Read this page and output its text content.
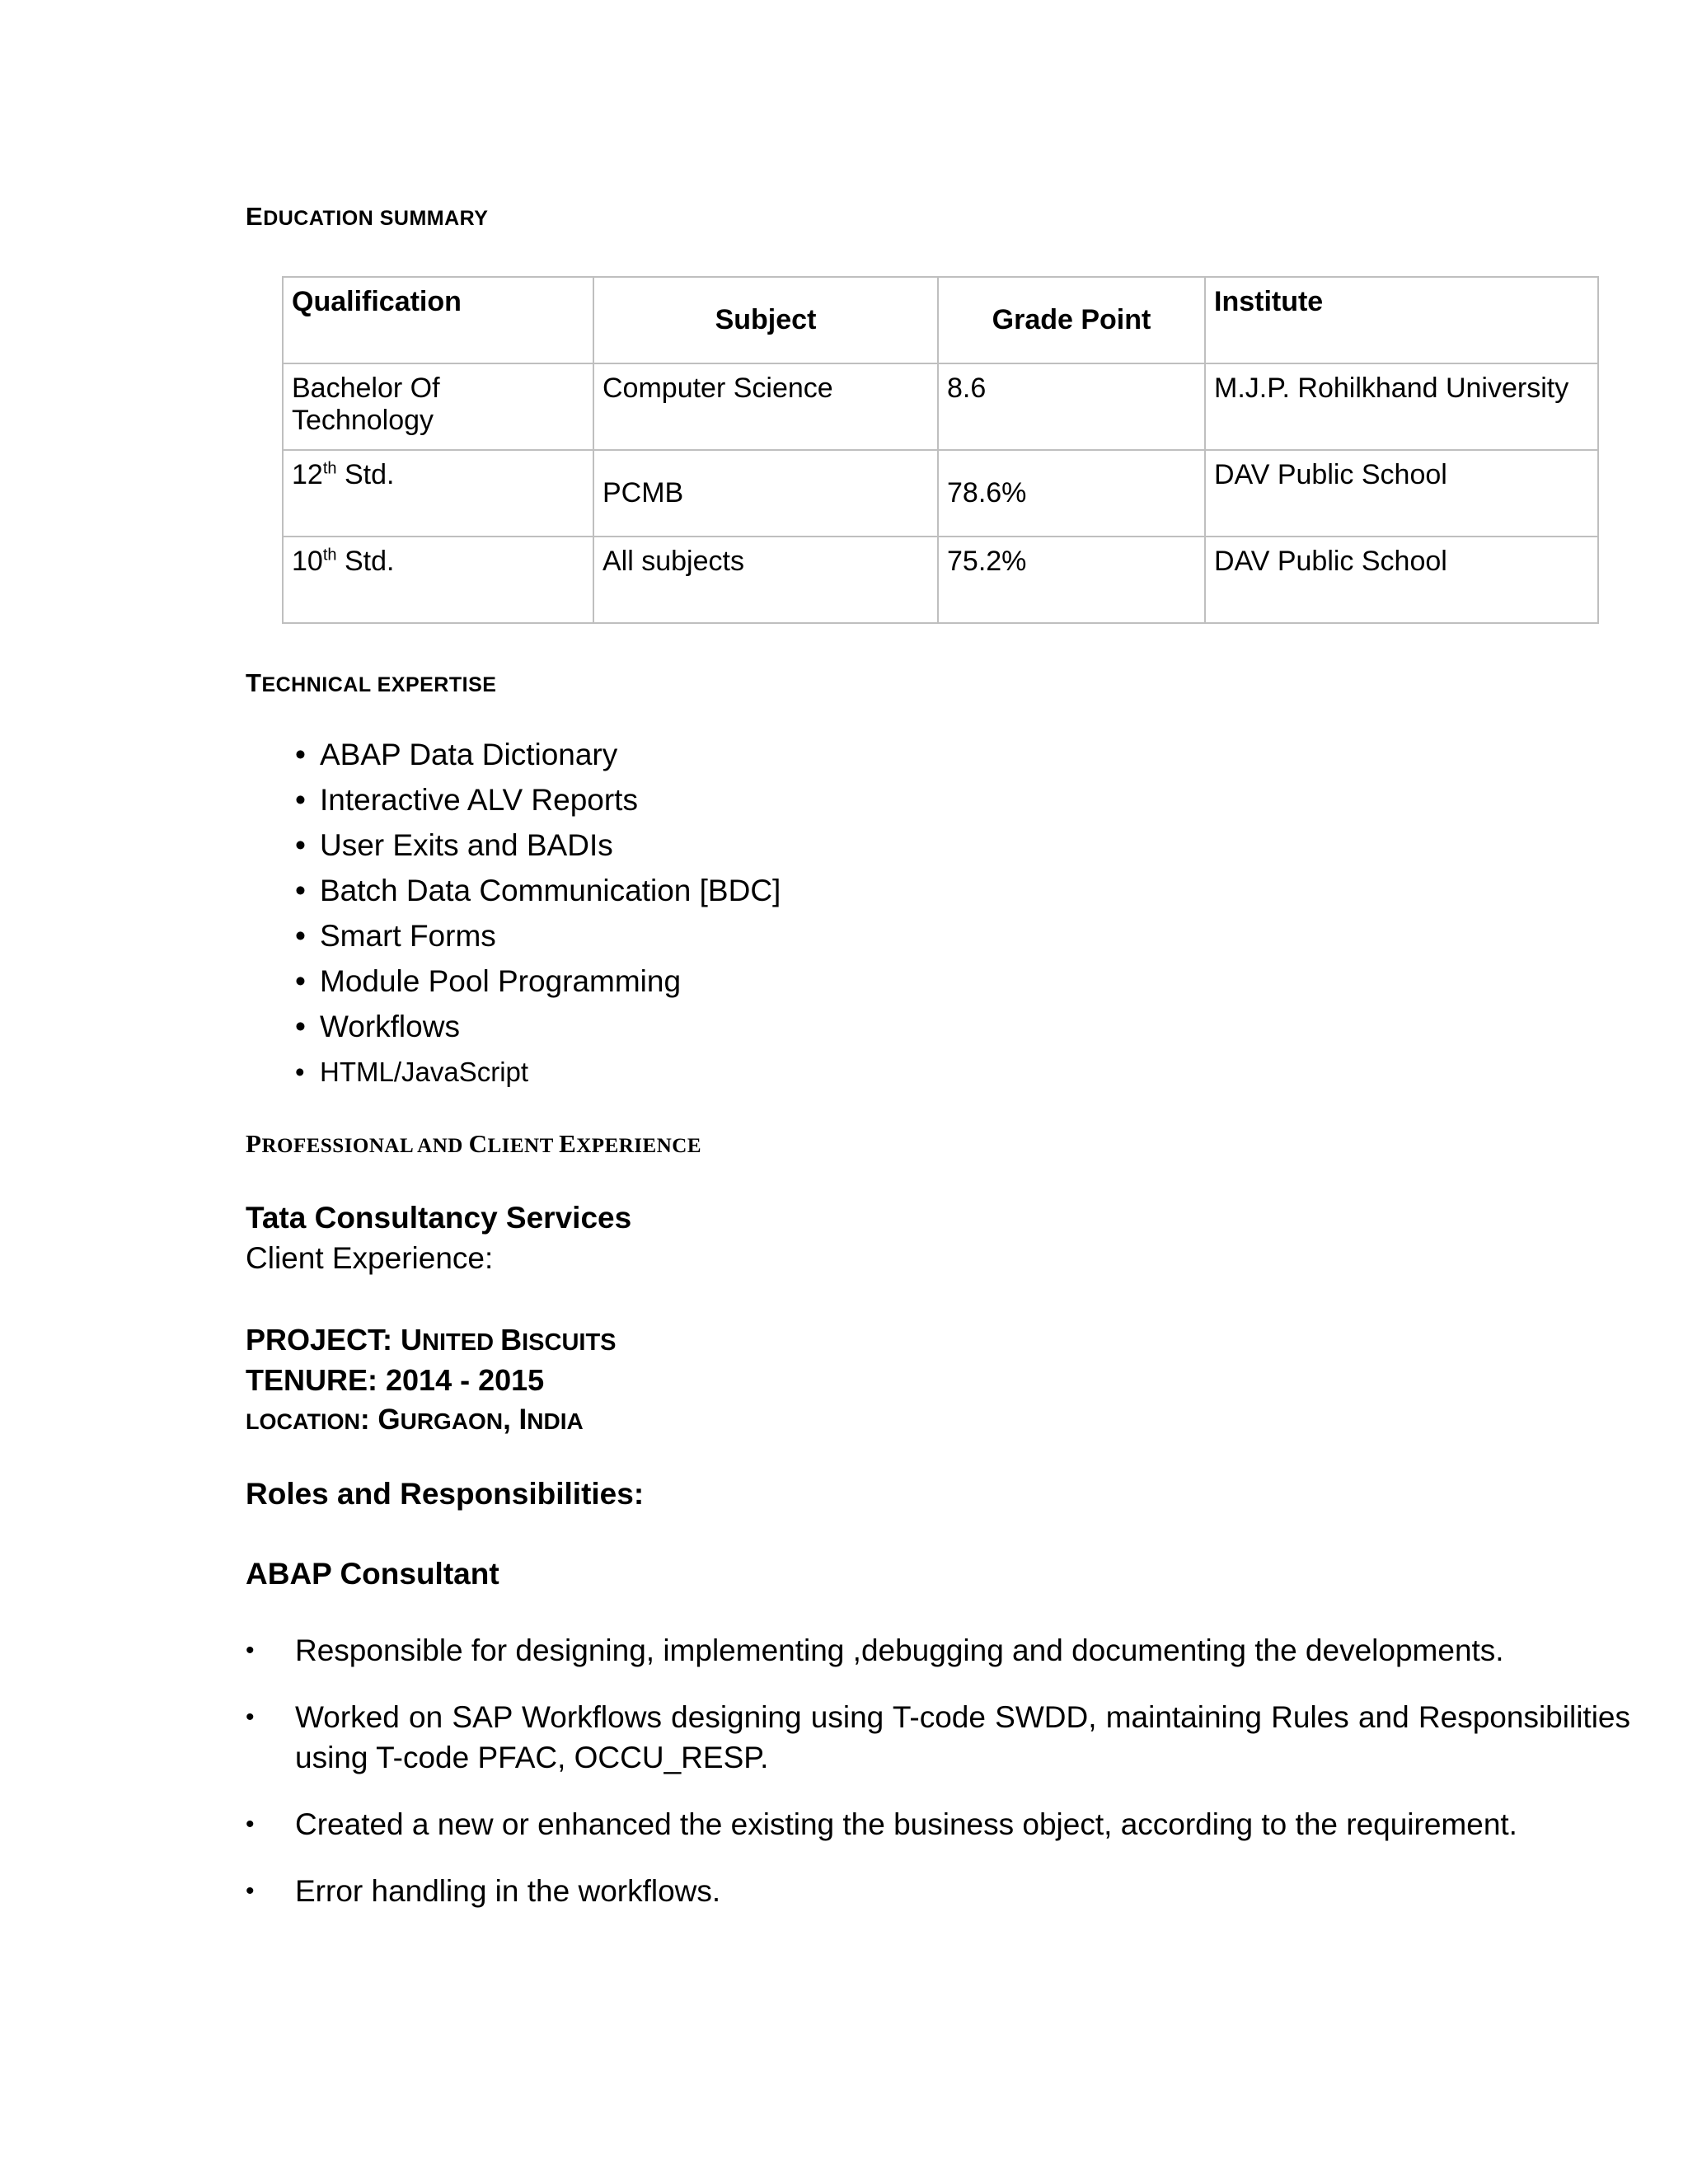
EDUCATION SUMMARY
Qualification	Subject	Grade Point	Institute
Bachelor Of Technology	Computer Science	8.6	M.J.P. Rohilkhand University
12th Std.	PCMB	78.6%	DAV Public School
10th Std.	All subjects	75.2%	DAV Public School
TECHNICAL EXPERTISE
• ABAP Data Dictionary
• Interactive ALV Reports
• User Exits and BADIs
• Batch Data Communication [BDC]
• Smart Forms
• Module Pool Programming
• Workflows
• HTML/JavaScript
PROFESSIONAL AND CLIENT EXPERIENCE
Tata Consultancy Services
Client Experience:
PROJECT: UNITED BISCUITS
TENURE: 2014 - 2015
LOCATION: GURGAON, INDIA
Roles and Responsibilities:
ABAP Consultant
• Responsible for designing, implementing ,debugging and documenting the developments.
• Worked on SAP Workflows designing using T-code SWDD, maintaining Rules and Responsibilities using T-code PFAC, OCCU_RESP.
• Created a new or enhanced the existing the business object, according to the requirement.
• Error handling in the workflows.
